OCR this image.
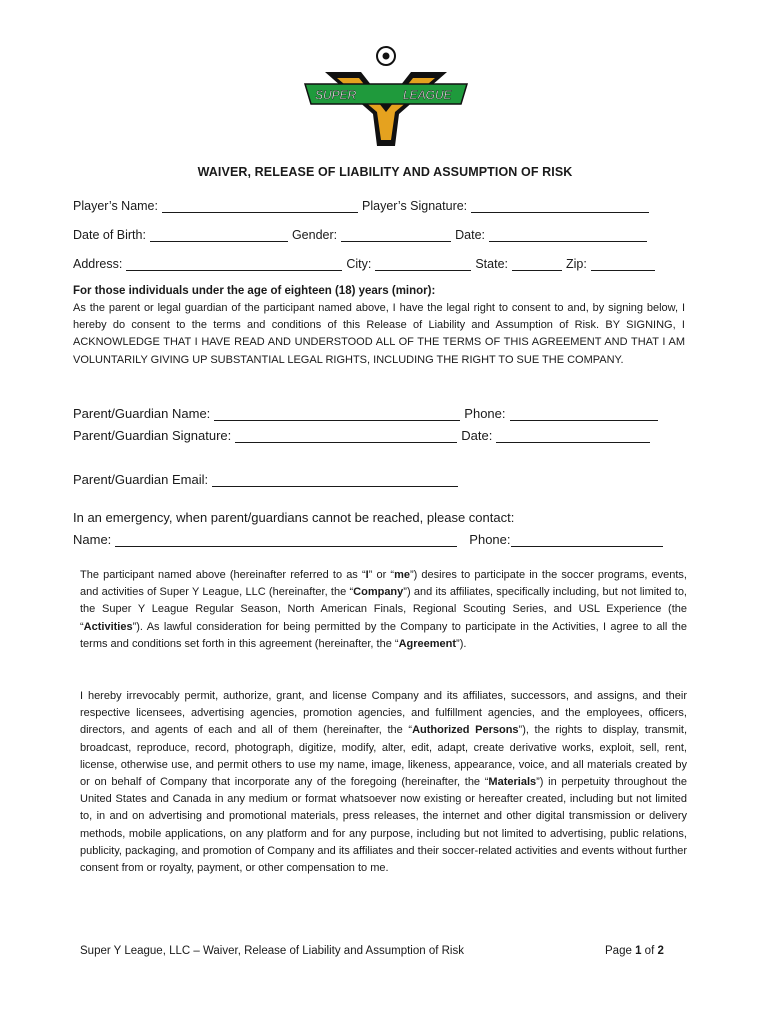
SUPER	LEAGUE
WAIVER, RELEASE OF LIABILITY AND ASSUMPTION OF RISK
Player’s Name:	Player’s Signature:
Date of Birth:	Gender:	Date:
Address:	City:	State:	Zip:
For those individuals under the age of eighteen (18) years (minor):
As the parent or legal guardian of the participant named above, I have the legal right to consent to and, by signing below, I hereby do consent to the terms and conditions of this Release of Liability and Assumption of Risk. BY SIGNING, I ACKNOWLEDGE THAT I HAVE READ AND UNDERSTOOD ALL OF THE TERMS OF THIS AGREEMENT AND THAT I AM VOLUNTARILY GIVING UP SUBSTANTIAL LEGAL RIGHTS, INCLUDING THE RIGHT TO SUE THE COMPANY.
Parent/Guardian Name:	Phone:
Parent/Guardian Signature:	Date:
Parent/Guardian Email:
In an emergency, when parent/guardians cannot be reached, please contact:
Name:	Phone:
The participant named above (hereinafter referred to as “I” or “me”) desires to participate in the soccer programs, events, and activities of Super Y League, LLC (hereinafter, the “Company”) and its affiliates, specifically including, but not limited to, the Super Y League Regular Season, North American Finals, Regional Scouting Series, and USL Experience (the “Activities”). As lawful consideration for being permitted by the Company to participate in the Activities, I agree to all the terms and conditions set forth in this agreement (hereinafter, the “Agreement”).
I hereby irrevocably permit, authorize, grant, and license Company and its affiliates, successors, and assigns, and their respective licensees, advertising agencies, promotion agencies, and fulfillment agencies, and the employees, officers, directors, and agents of each and all of them (hereinafter, the “Authorized Persons”), the rights to display, transmit, broadcast, reproduce, record, photograph, digitize, modify, alter, edit, adapt, create derivative works, exploit, sell, rent, license, otherwise use, and permit others to use my name, image, likeness, appearance, voice, and all materials created by or on behalf of Company that incorporate any of the foregoing (hereinafter, the “Materials”) in perpetuity throughout the United States and Canada in any medium or format whatsoever now existing or hereafter created, including but not limited to, in and on advertising and promotional materials, press releases, the internet and other digital transmission or delivery methods, mobile applications, on any platform and for any purpose, including but not limited to advertising, public relations, publicity, packaging, and promotion of Company and its affiliates and their soccer-related activities and events without further consent from or royalty, payment, or other compensation to me.
Super Y League, LLC – Waiver, Release of Liability and Assumption of Risk	Page 1 of 2
